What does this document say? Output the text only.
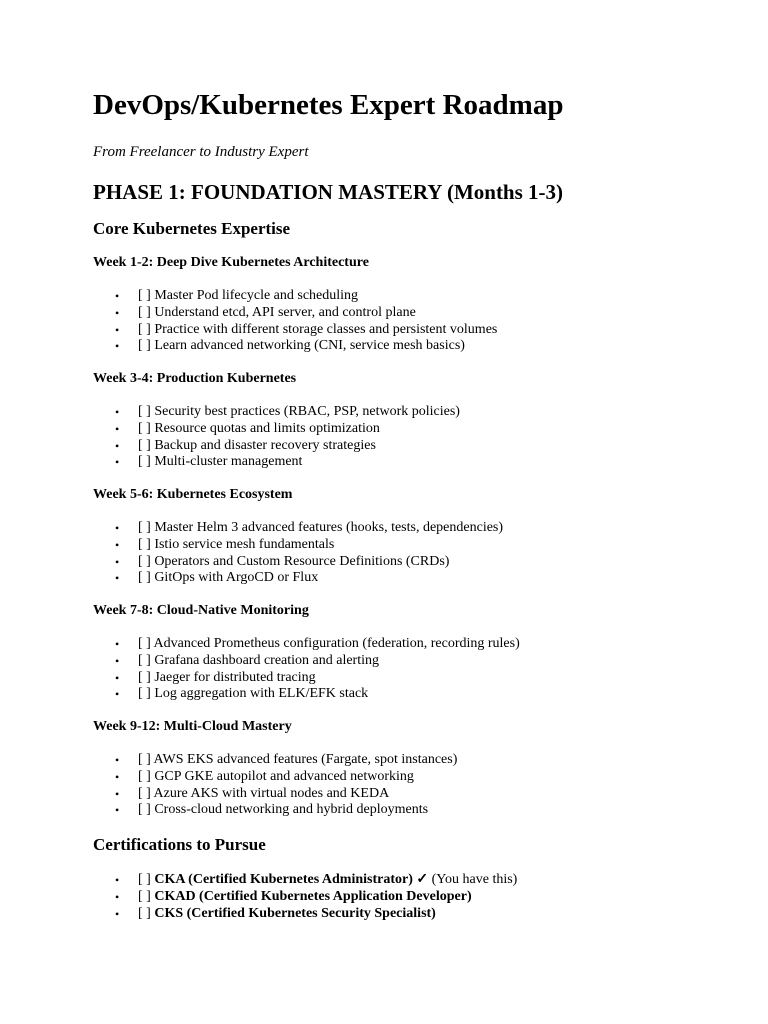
DevOps/Kubernetes Expert Roadmap
From Freelancer to Industry Expert
PHASE 1: FOUNDATION MASTERY (Months 1-3)
Core Kubernetes Expertise
Week 1-2: Deep Dive Kubernetes Architecture
• [ ] Master Pod lifecycle and scheduling
• [ ] Understand etcd, API server, and control plane
• [ ] Practice with different storage classes and persistent volumes
• [ ] Learn advanced networking (CNI, service mesh basics)
Week 3-4: Production Kubernetes
• [ ] Security best practices (RBAC, PSP, network policies)
• [ ] Resource quotas and limits optimization
• [ ] Backup and disaster recovery strategies
• [ ] Multi-cluster management
Week 5-6: Kubernetes Ecosystem
• [ ] Master Helm 3 advanced features (hooks, tests, dependencies)
• [ ] Istio service mesh fundamentals
• [ ] Operators and Custom Resource Definitions (CRDs)
• [ ] GitOps with ArgoCD or Flux
Week 7-8: Cloud-Native Monitoring
• [ ] Advanced Prometheus configuration (federation, recording rules)
• [ ] Grafana dashboard creation and alerting
• [ ] Jaeger for distributed tracing
• [ ] Log aggregation with ELK/EFK stack
Week 9-12: Multi-Cloud Mastery
• [ ] AWS EKS advanced features (Fargate, spot instances)
• [ ] GCP GKE autopilot and advanced networking
• [ ] Azure AKS with virtual nodes and KEDA
• [ ] Cross-cloud networking and hybrid deployments
Certifications to Pursue
• [ ] CKA (Certified Kubernetes Administrator) ✓ (You have this)
• [ ] CKAD (Certified Kubernetes Application Developer)
• [ ] CKS (Certified Kubernetes Security Specialist)
